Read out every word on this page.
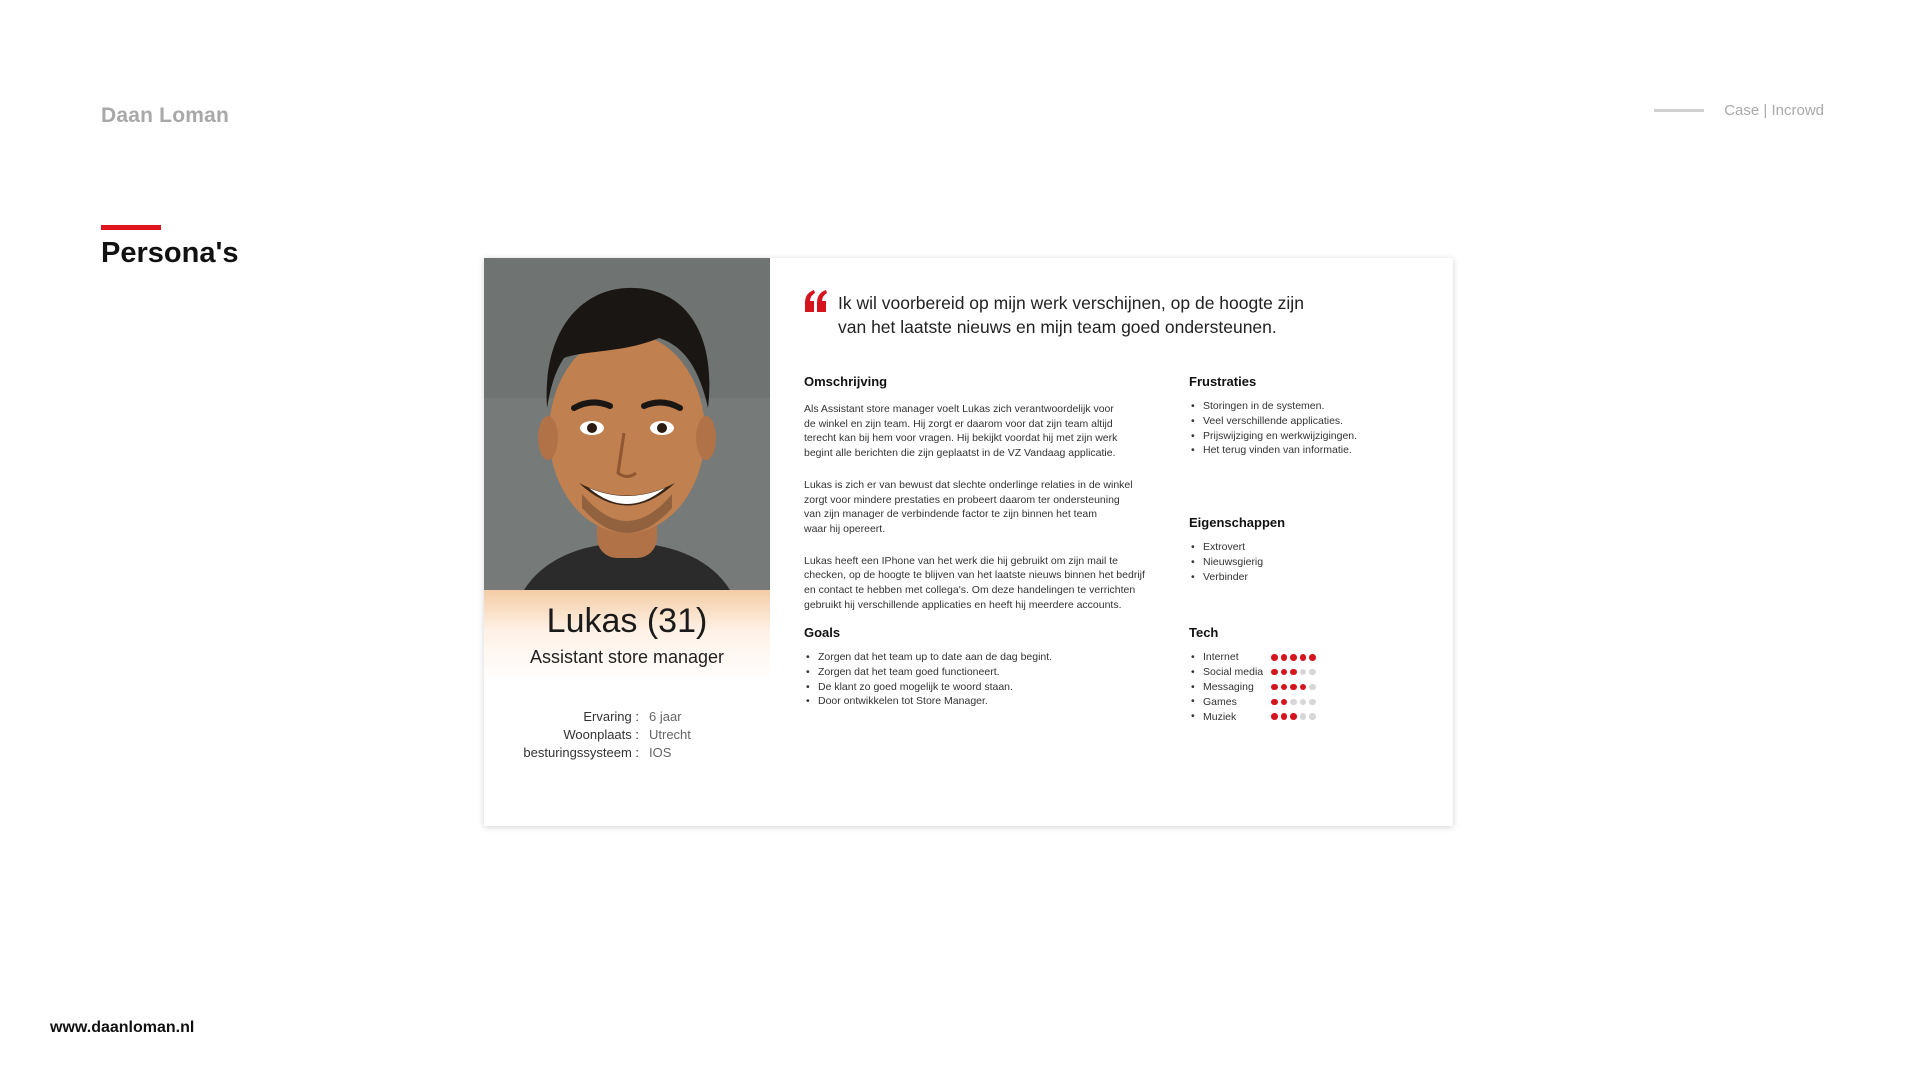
Daan Loman	Case | Incrowd
Persona's
Lukas (31)
Assistant store manager
Ervaring : 6 jaar
Woonplaats : Utrecht
besturingssysteem : IOS
Ik wil voorbereid op mijn werk verschijnen, op de hoogte zijn
van het laatste nieuws en mijn team goed ondersteunen.
Omschrijving

Als Assistant store manager voelt Lukas zich verantwoordelijk voor
de winkel en zijn team. Hij zorgt er daarom voor dat zijn team altijd
terecht kan bij hem voor vragen. Hij bekijkt voordat hij met zijn werk
begint alle berichten die zijn geplaatst in de VZ Vandaag applicatie.

Lukas is zich er van bewust dat slechte onderlinge relaties in de winkel
zorgt voor mindere prestaties en probeert daarom ter ondersteuning
van zijn manager de verbindende factor te zijn binnen het team
waar hij opereert.

Lukas heeft een IPhone van het werk die hij gebruikt om zijn mail te
checken, op de hoogte te blijven van het laatste nieuws binnen het bedrijf
en contact te hebben met collega's. Om deze handelingen te verrichten
gebruikt hij verschillende applicaties en heeft hij meerdere accounts.

Goals
• Zorgen dat het team up to date aan de dag begint.
• Zorgen dat het team goed functioneert.
• De klant zo goed mogelijk te woord staan.
• Door ontwikkelen tot Store Manager.
Frustraties
• Storingen in de systemen.
• Veel verschillende applicaties.
• Prijswijziging en werkwijzigingen.
• Het terug vinden van informatie.
Eigenschappen
• Extrovert
• Nieuwsgierig
• Verbinder
Tech
• Internet
• Social media
• Messaging
• Games
• Muziek
www.daanloman.nl
